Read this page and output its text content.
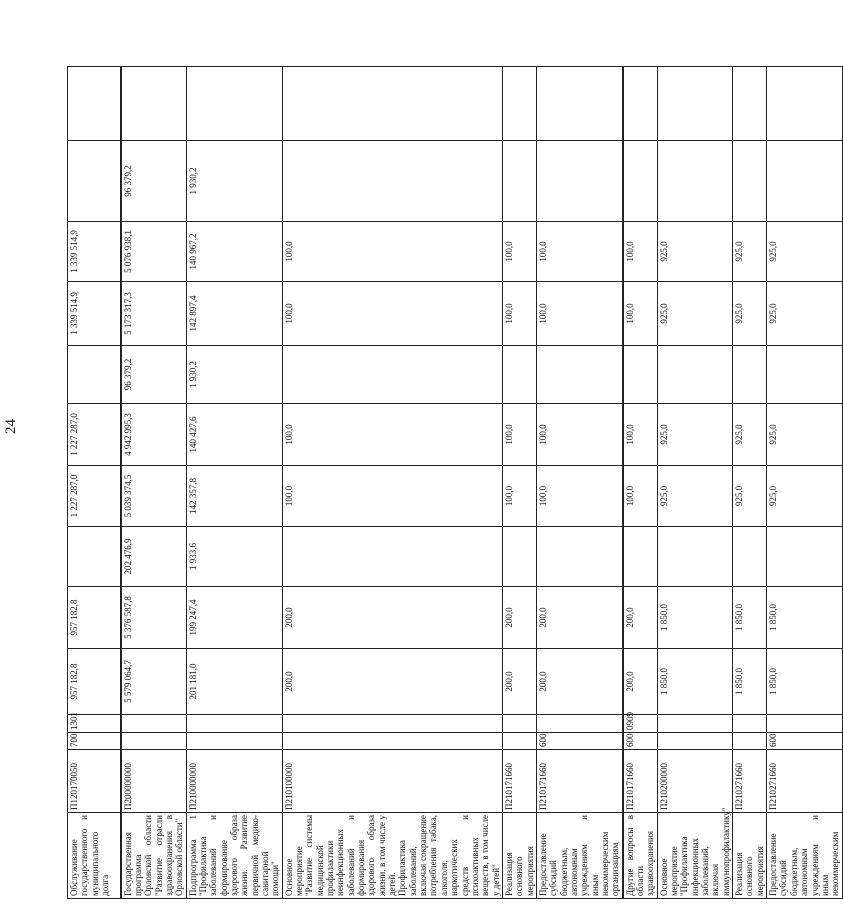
24
Обслуживание государственного и муниципального долга	П120170050	700	1301	957 182,8	957 182,8		1 227 287,0	1 227 287,0		1 339 514,9	1 339 514,9		
Государственная программа Орловской области "Развитие отрасли здравоохранения в Орловской области"	П200000000			5 579 064,7	5 376 587,8	202 476,9	5 039 374,5	4 942 995,3	96 379,2	5 173 317,3	5 076 938,1	96 379,2	
Подпрограмма 1 "Профилактика заболеваний и формирование здорового образа жизни. Развитие первичной медико-санитарной помощи"	П210000000			201 181,0	199 247,4	1 933,6	142 357,8	140 427,6	1 930,2	142 897,4	140 967,2	1 930,2	
Основное мероприятие "Развитие системы медицинской профилактики неинфекционных заболеваний и формирования здорового образа жизни, в том числе у детей. Профилактика заболеваний, включая сокращение потребления табака, алкоголя, наркотических средств и психоактивных веществ, в том числе у детей"	П210100000			200,0	200,0		100,0	100,0		100,0	100,0		
Реализация основного мероприятия	П210171660			200,0	200,0		100,0	100,0		100,0	100,0		
Предоставление субсидий бюджетным, автономным учреждениям и иным некоммерческим организациям	П210171660	600		200,0	200,0		100,0	100,0		100,0	100,0		
Другие вопросы в области здравоохранения	П210171660	600	0909	200,0	200,0		100,0	100,0		100,0	100,0		
Основное мероприятие "Профилактика инфекционных заболеваний, включая иммунопрофилактику"	П210200000			1 850,0	1 850,0		925,0	925,0		925,0	925,0		
Реализация основного мероприятия	П210271660			1 850,0	1 850,0		925,0	925,0		925,0	925,0		
Предоставление субсидий бюджетным, автономным учреждениям и иным некоммерческим	П210271660	600		1 850,0	1 850,0		925,0	925,0		925,0	925,0		
